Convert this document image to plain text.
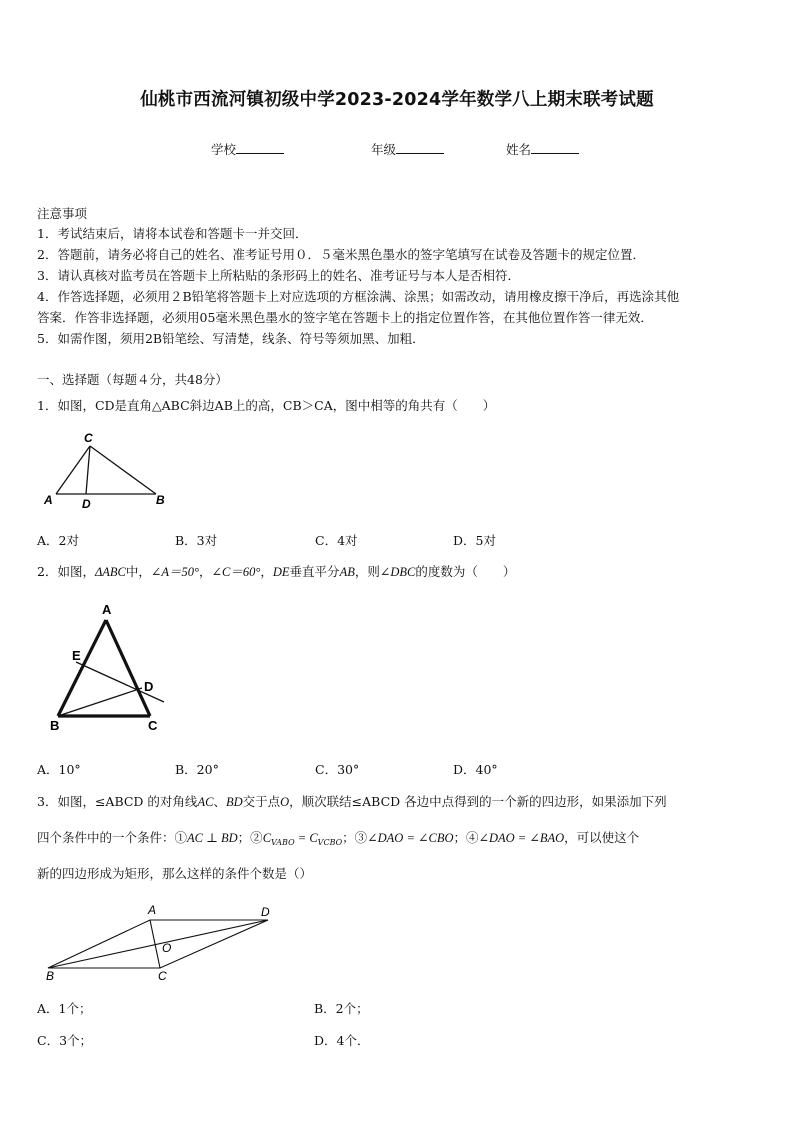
仙桃市西流河镇初级中学2023-2024学年数学八上期末联考试题
学校	年级	姓名
注意事项
1．考试结束后，请将本试卷和答题卡一并交回．
2．答题前，请务必将自己的姓名、准考证号用０．５毫米黑色墨水的签字笔填写在试卷及答题卡的规定位置．
3．请认真核对监考员在答题卡上所粘贴的条形码上的姓名、准考证号与本人是否相符．
4．作答选择题，必须用２B铅笔将答题卡上对应选项的方框涂满、涂黑；如需改动，请用橡皮擦干净后，再选涂其他
答案．作答非选择题，必须用05毫米黑色墨水的签字笔在答题卡上的指定位置作答，在其他位置作答一律无效．
5．如需作图，须用2B铅笔绘、写清楚，线条、符号等须加黑、加粗．
一、选择题（每题４分，共48分）
1．如图，CD是直角△ABC斜边AB上的高，CB＞CA，图中相等的角共有（　　）
C
A D	B
A．2对	B．3对	C．4对	D．5对
2．如图，ΔABC中，∠A＝50°，∠C＝60°，DE垂直平分AB，则∠DBC的度数为（　　）
A
E
D
B	C
A．10°	B．20°	C．30°	D．40°
3．如图，≤ABCD 的对角线AC、BD交于点O，顺次联结≤ABCD 各边中点得到的一个新的四边形，如果添加下列
四个条件中的一个条件：①AC ⊥ BD；$②C_{VABO} = C_{VCBO}$；③∠DAO = ∠CBO；④∠DAO = ∠BAO，可以使这个
新的四边形成为矩形，那么这样的条件个数是（）
A	D
O
B	C
A．1个；	B．2个；
C．3个；	D．4个．
